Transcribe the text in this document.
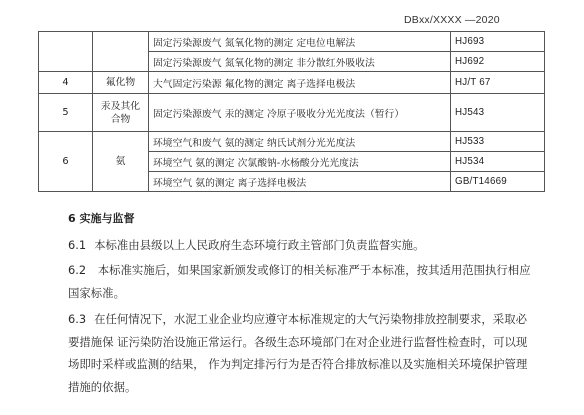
DBxx/XXXX —2020
		固定污染源废气 氮氧化物的测定 定电位电解法	HJ693
		固定污染源废气 氮氧化物的测定 非分散红外吸收法	HJ692
4	氟化物	大气固定污染源 氟化物的测定 离子选择电极法	HJ/T 67
5	汞及其化合物	固定污染源废气 汞的测定 冷原子吸收分光光度法（暂行）	HJ543
6	氨	环境空气和废气 氨的测定 纳氏试剂分光光度法	HJ533
		环境空气 氨的测定 次氯酸钠-水杨酸分光光度法	HJ534
		环境空气 氨的测定 离子选择电极法	GB/T14669
6 实施与监督
6.1 本标准由县级以上人民政府生态环境行政主管部门负责监督实施。
6.2 本标准实施后，如果国家新颁发或修订的相关标准严于本标准，按其适用范围执行相应国家标准。
6.3 在任何情况下，水泥工业企业均应遵守本标准规定的大气污染物排放控制要求，采取必要措施保 证污染防治设施正常运行。各级生态环境部门在对企业进行监督性检查时，可以现场即时采样或监测的结果， 作为判定排污行为是否符合排放标准以及实施相关环境保护管理措施的依据。
